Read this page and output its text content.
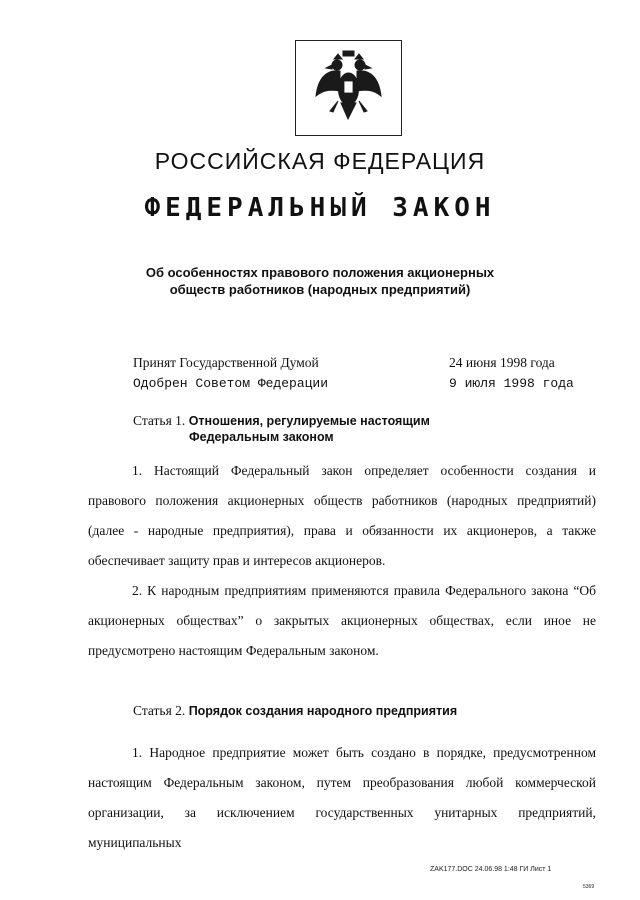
РОССИЙСКАЯ ФЕДЕРАЦИЯ
ФЕДЕРАЛЬНЫЙ ЗАКОН
Об особенностях правового положения акционерных
обществ работников (народных предприятий)
Принят Государственной Думой	24 июня 1998 года
Одобрен Советом Федерации	9 июля 1998 года
Статья 1. Отношения, регулируемые настоящим
Федеральным законом

1. Настоящий Федеральный закон определяет особенности создания и правового положения акционерных обществ работников (народных предприятий) (далее - народные предприятия), права и обязанности их акционеров, а также обеспечивает защиту прав и интересов акционеров.

2. К народным предприятиям применяются правила Федерального закона “Об акционерных обществах” о закрытых акционерных обществах, если иное не предусмотрено настоящим Федеральным законом.

Статья 2. Порядок создания народного предприятия

1. Народное предприятие может быть создано в порядке, предусмотренном настоящим Федеральным законом, путем преобразования любой коммерческой организации, за исключением государственных унитарных предприятий, муниципальных

ZAK177.DOC 24.06.98 1:48 ГИ Лист 1
5369
